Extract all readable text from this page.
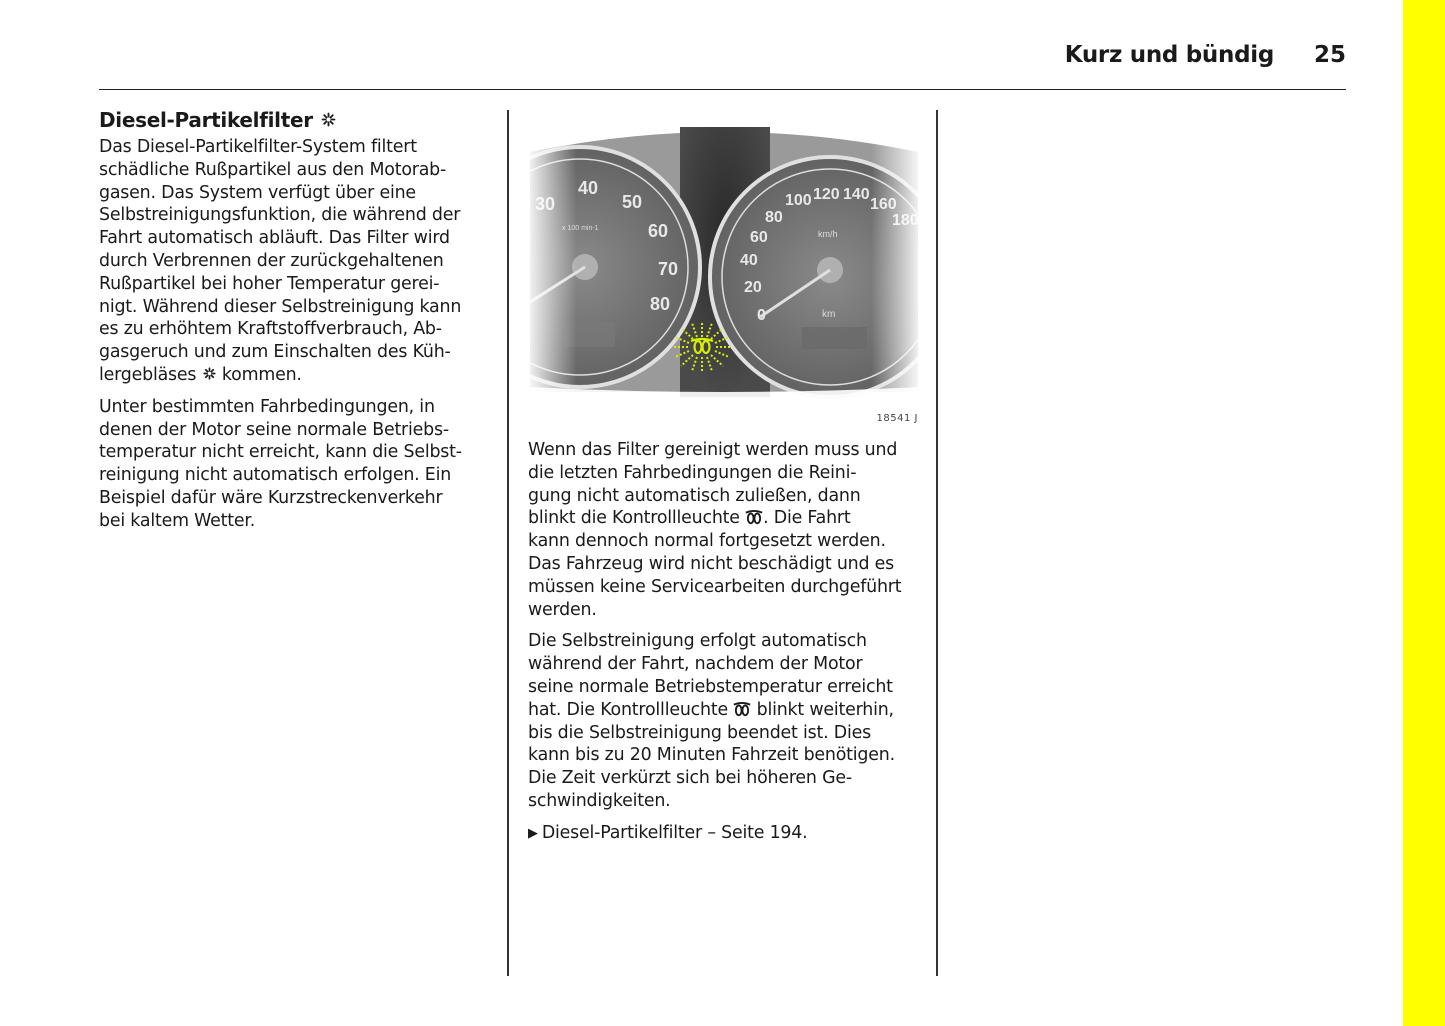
Kurz und bündig	25
Diesel-Partikelfilter
Das Diesel-Partikelfilter-System filtert
schädliche Rußpartikel aus den Motorab-
gasen. Das System verfügt über eine
Selbstreinigungsfunktion, die während der
Fahrt automatisch abläuft. Das Filter wird
durch Verbrennen der zurückgehaltenen
Rußpartikel bei hoher Temperatur gerei-
nigt. Während dieser Selbstreinigung kann
es zu erhöhtem Kraftstoffverbrauch, Ab-
gasgeruch und zum Einschalten des Küh-
lergebläses  kommen.
Unter bestimmten Fahrbedingungen, in
denen der Motor seine normale Betriebs-
temperatur nicht erreicht, kann die Selbst-
reinigung nicht automatisch erfolgen. Ein
Beispiel dafür wäre Kurzstreckenverkehr
bei kaltem Wetter.
18541 J
Wenn das Filter gereinigt werden muss und
die letzten Fahrbedingungen die Reini-
gung nicht automatisch zuließen, dann
blinkt die Kontrollleuchte . Die Fahrt
kann dennoch normal fortgesetzt werden.
Das Fahrzeug wird nicht beschädigt und es
müssen keine Servicearbeiten durchgeführt
werden.
Die Selbstreinigung erfolgt automatisch
während der Fahrt, nachdem der Motor
seine normale Betriebstemperatur erreicht
hat. Die Kontrollleuchte  blinkt weiterhin,
bis die Selbstreinigung beendet ist. Dies
kann bis zu 20 Minuten Fahrzeit benötigen.
Die Zeit verkürzt sich bei höheren Ge-
schwindigkeiten.
▶ Diesel-Partikelfilter – Seite 194.
